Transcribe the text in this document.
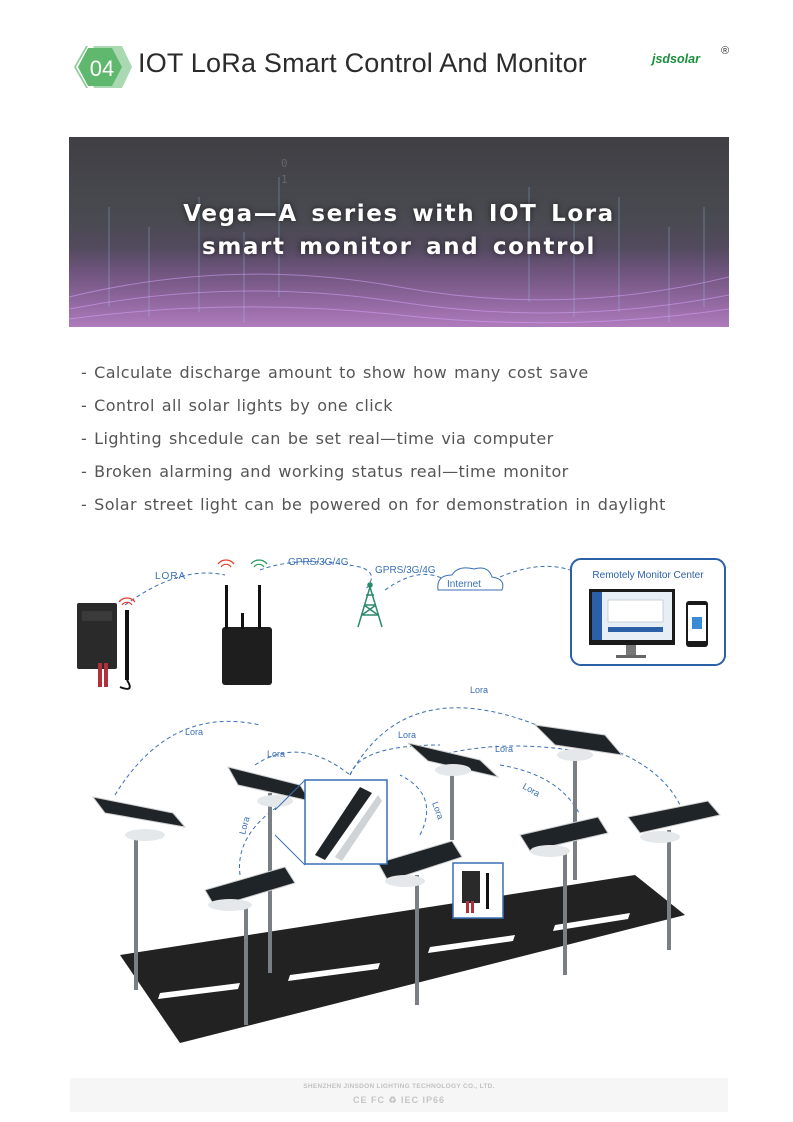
04 IOT LoRa Smart Control And Monitor	jsdsolar
®
0
1
Vega—A series with IOT Lora
smart monitor and control
- Calculate discharge amount to show how many cost save
- Control all solar lights by one click
- Lighting shcedule can be set real—time via computer
- Broken alarming and working status real—time monitor
- Solar street light can be powered on for demonstration in daylight
LORA
GPRS/3G/4G
GPRS/3G/4G
Internet
Remotely Monitor Center
Lora
Lora
Lora
Lora
Lora
Lora
Lora
Lora
SHENZHEN JINSDON LIGHTING TECHNOLOGY CO., LTD.
CE FC ♻ IEC IP66
